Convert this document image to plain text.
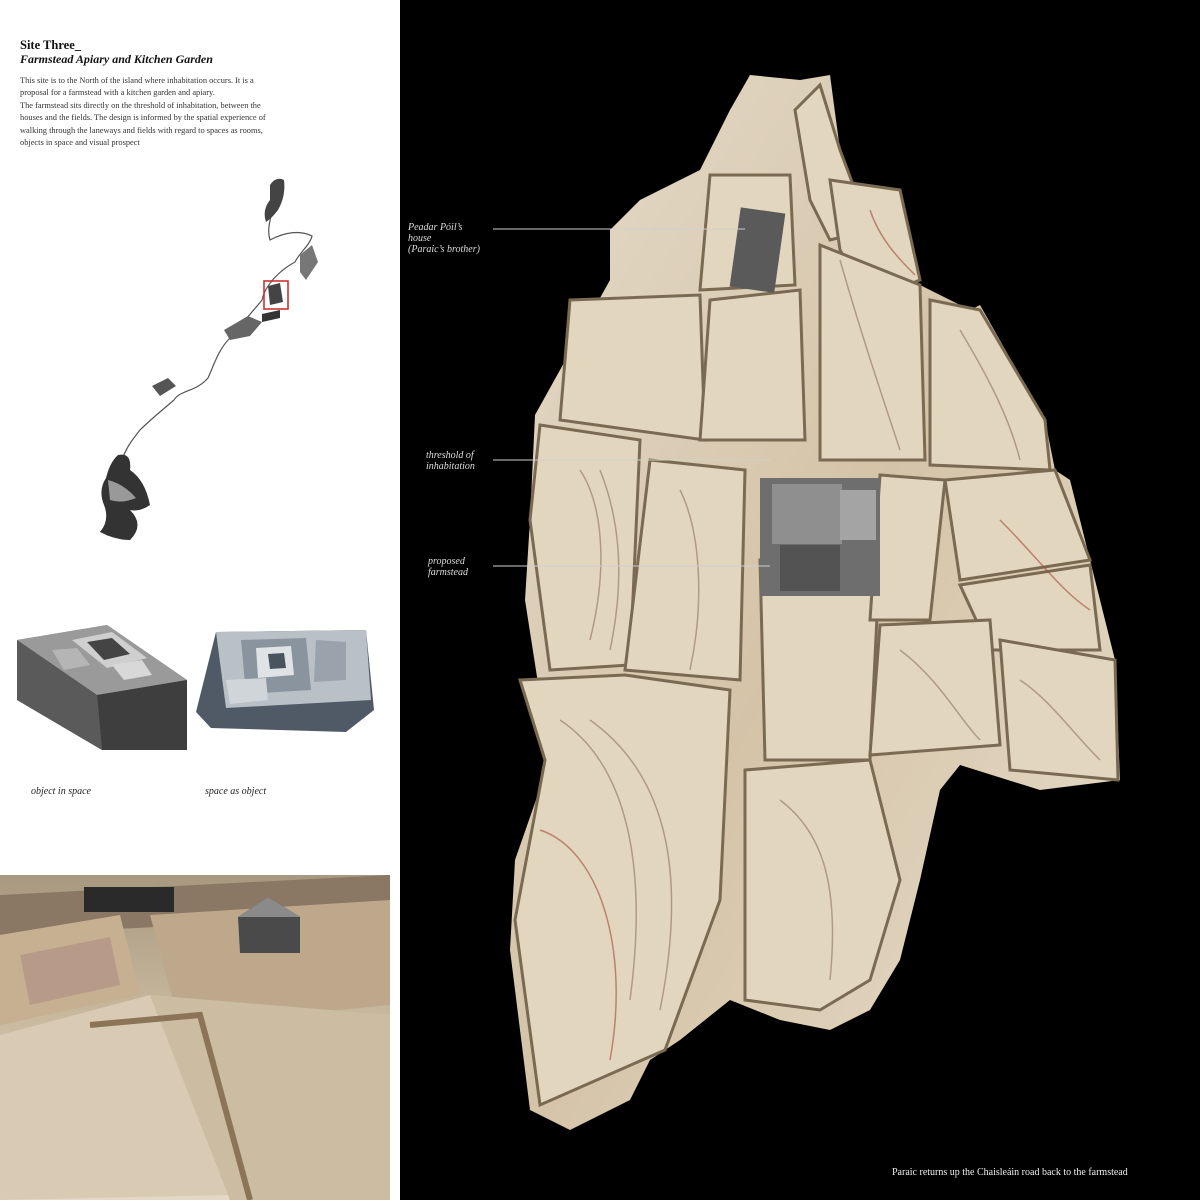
Site Three_
Farmstead Apiary and Kitchen Garden

This site is to the North of the island where inhabitation occurs. It is a proposal for a farmstead with a kitchen garden and apiary.

The farmstead sits directly on the threshold of inhabitation, between the houses and the fields. The design is informed by the spatial experience of walking through the laneways and fields with regard to spaces as rooms, objects in space and visual prospect

object in space	space as object
Peadar Póil’s
house
(Paraic’s brother)
threshold of
inhabitation
proposed
farmstead
Paraic returns up the Chaisleáin road back to the farmstead
